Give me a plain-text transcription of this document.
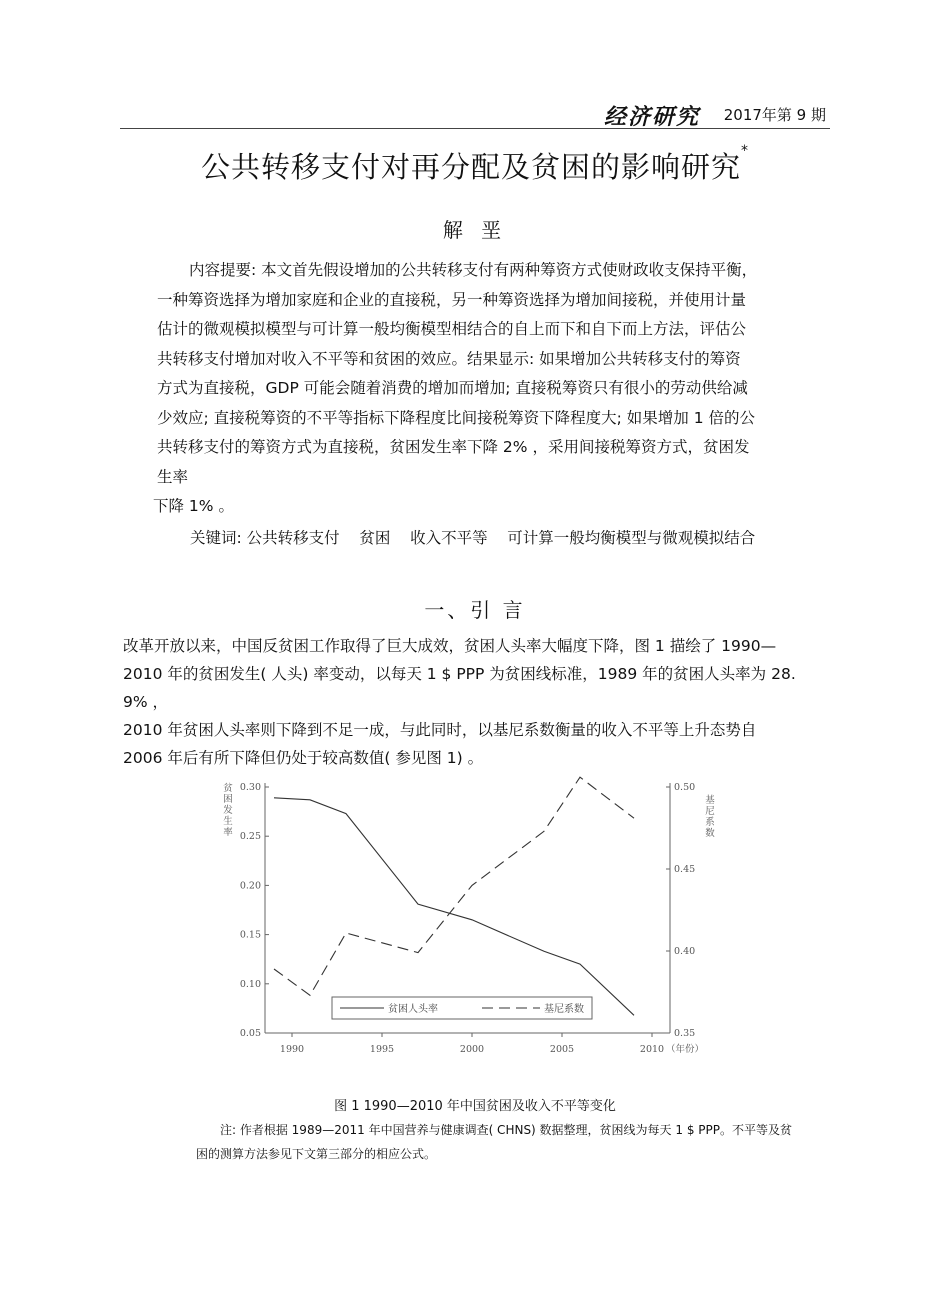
经济研究 2017年第 9 期
公共转移支付对再分配及贫困的影响研究*
解 垩
内容提要: 本文首先假设增加的公共转移支付有两种筹资方式使财政收支保持平衡，
一种筹资选择为增加家庭和企业的直接税，另一种筹资选择为增加间接税，并使用计量
估计的微观模拟模型与可计算一般均衡模型相结合的自上而下和自下而上方法，评估公
共转移支付增加对收入不平等和贫困的效应。结果显示: 如果增加公共转移支付的筹资
方式为直接税，GDP 可能会随着消费的增加而增加; 直接税筹资只有很小的劳动供给减
少效应; 直接税筹资的不平等指标下降程度比间接税筹资下降程度大; 如果增加 1 倍的公
共转移支付的筹资方式为直接税，贫困发生率下降 2% ，采用间接税筹资方式，贫困发
生率
下降 1% 。
关键词: 公共转移支付    贫困    收入不平等    可计算一般均衡模型与微观模拟结合
一、引 言
改革开放以来，中国反贫困工作取得了巨大成效，贫困人头率大幅度下降，图 1 描绘了 1990—
2010 年的贫困发生( 人头) 率变动，以每天 1 $ PPP 为贫困线标准，1989 年的贫困人头率为 28.
9% ，
2010 年贫困人头率则下降到不足一成，与此同时，以基尼系数衡量的收入不平等上升态势自
2006 年后有所下降但仍处于较高数值( 参见图 1) 。
0.05
0.10
0.15
0.20
0.25
0.30
0.35
0.40
0.45
0.50
1990	1995	2000	2005	2010 （年份）
贫
困
发
生
率
基
尼
系
数
贫困人头率	基尼系数
图 1 1990—2010 年中国贫困及收入不平等变化
注: 作者根据 1989—2011 年中国营养与健康调查( CHNS) 数据整理，贫困线为每天 1 $ PPP。不平等及贫
困的测算方法参见下文第三部分的相应公式。
